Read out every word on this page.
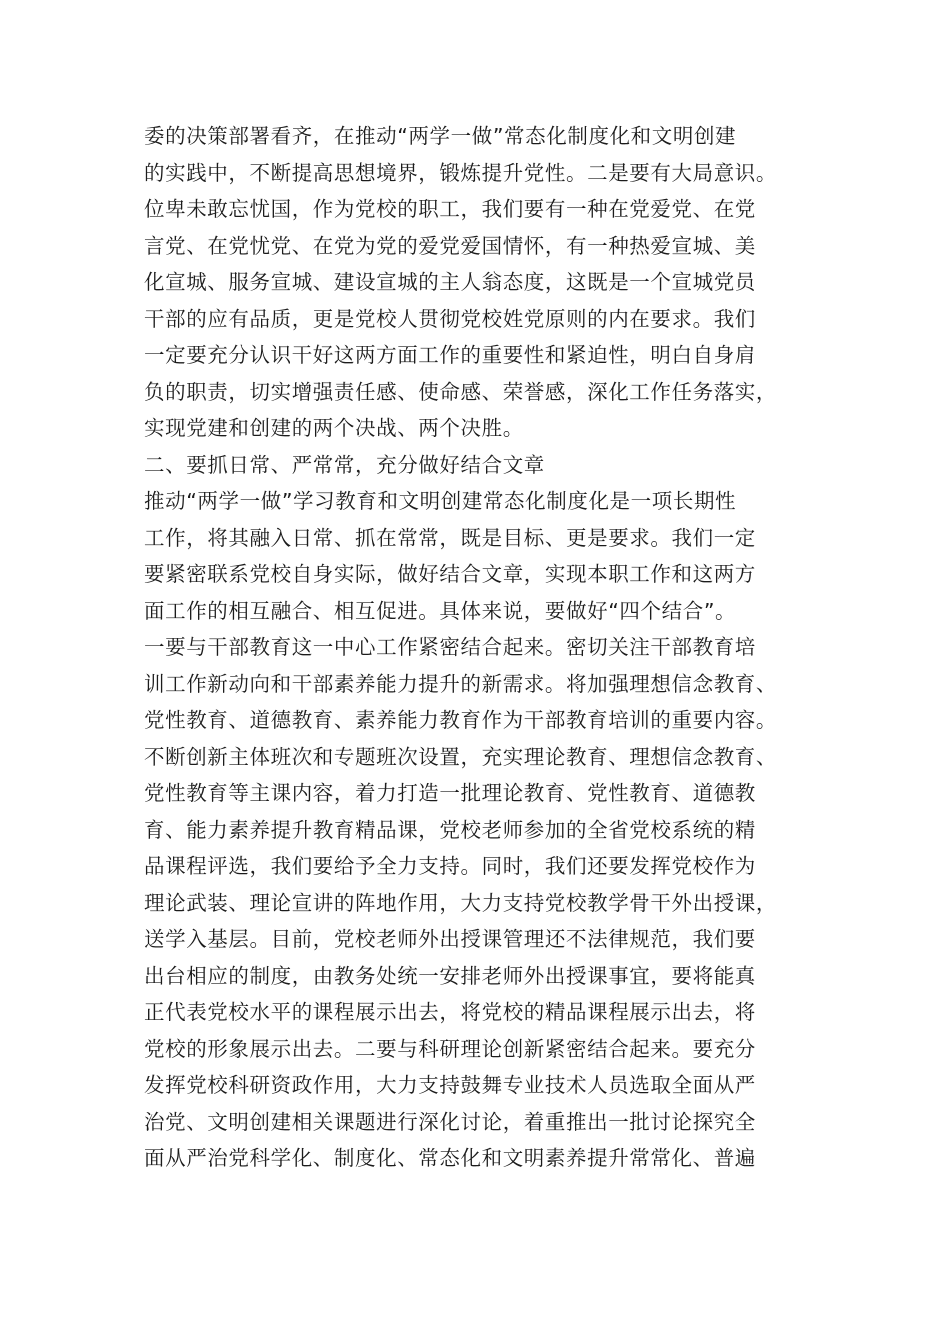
委的决策部署看齐，在推动“两学一做”常态化制度化和文明创建
的实践中，不断提高思想境界，锻炼提升党性。二是要有大局意识。
位卑未敢忘忧国，作为党校的职工，我们要有一种在党爱党、在党
言党、在党忧党、在党为党的爱党爱国情怀，有一种热爱宣城、美
化宣城、服务宣城、建设宣城的主人翁态度，这既是一个宣城党员
干部的应有品质，更是党校人贯彻党校姓党原则的内在要求。我们
一定要充分认识干好这两方面工作的重要性和紧迫性，明白自身肩
负的职责，切实增强责任感、使命感、荣誉感，深化工作任务落实，
实现党建和创建的两个决战、两个决胜。
二、要抓日常、严常常，充分做好结合文章
推动“两学一做”学习教育和文明创建常态化制度化是一项长期性
工作，将其融入日常、抓在常常，既是目标、更是要求。我们一定
要紧密联系党校自身实际，做好结合文章，实现本职工作和这两方
面工作的相互融合、相互促进。具体来说，要做好“四个结合”。
一要与干部教育这一中心工作紧密结合起来。密切关注干部教育培
训工作新动向和干部素养能力提升的新需求。将加强理想信念教育、
党性教育、道德教育、素养能力教育作为干部教育培训的重要内容。
不断创新主体班次和专题班次设置，充实理论教育、理想信念教育、
党性教育等主课内容，着力打造一批理论教育、党性教育、道德教
育、能力素养提升教育精品课，党校老师参加的全省党校系统的精
品课程评选，我们要给予全力支持。同时，我们还要发挥党校作为
理论武装、理论宣讲的阵地作用，大力支持党校教学骨干外出授课，
送学入基层。目前，党校老师外出授课管理还不法律规范，我们要
出台相应的制度，由教务处统一安排老师外出授课事宜，要将能真
正代表党校水平的课程展示出去，将党校的精品课程展示出去，将
党校的形象展示出去。二要与科研理论创新紧密结合起来。要充分
发挥党校科研资政作用，大力支持鼓舞专业技术人员选取全面从严
治党、文明创建相关课题进行深化讨论，着重推出一批讨论探究全
面从严治党科学化、制度化、常态化和文明素养提升常常化、普遍
